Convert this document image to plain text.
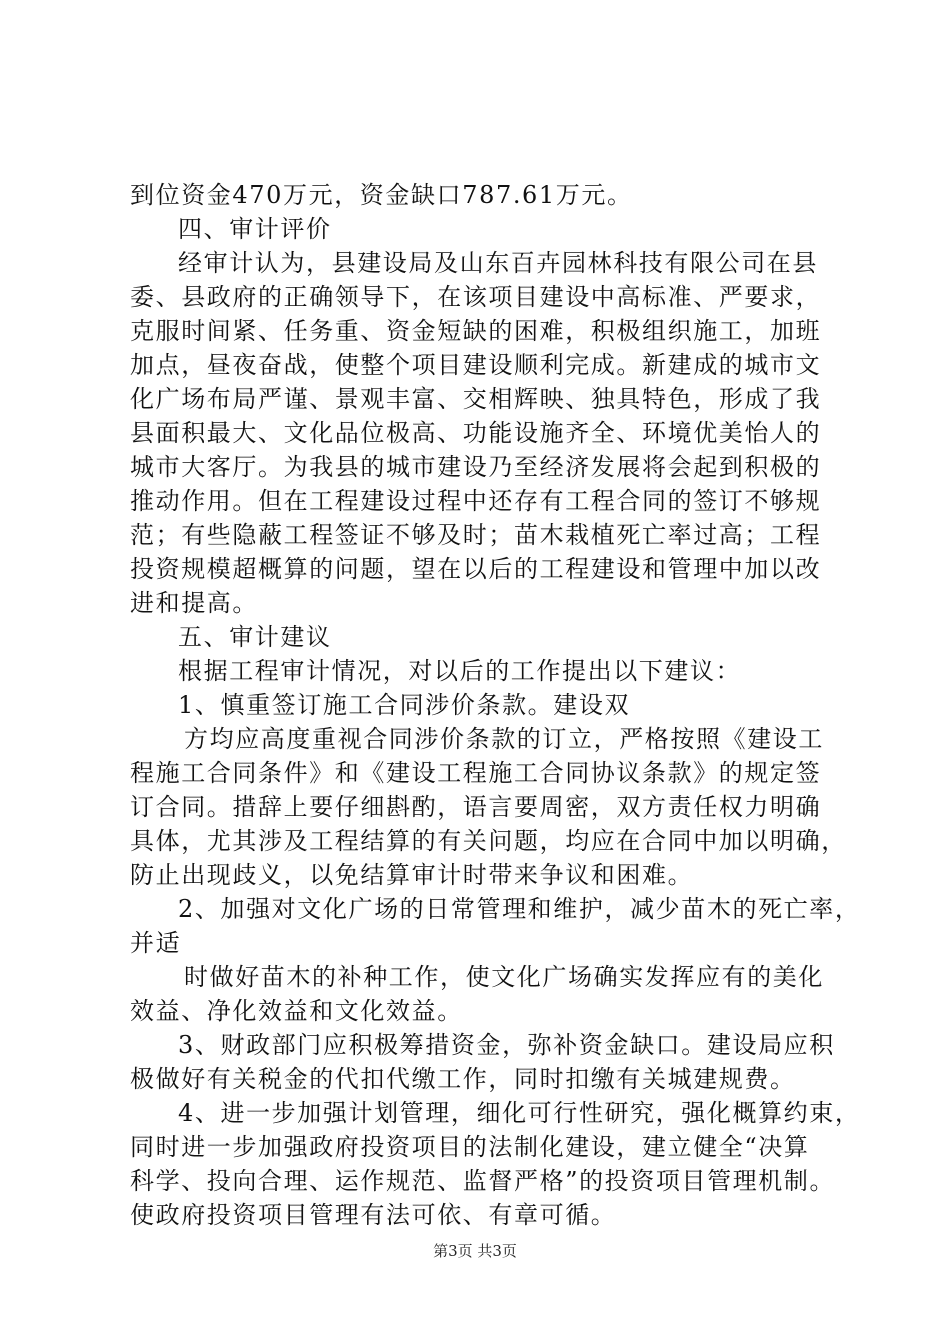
到位资金470万元，资金缺口787.61万元。
四、审计评价
经审计认为，县建设局及山东百卉园林科技有限公司在县
委、县政府的正确领导下，在该项目建设中高标准、严要求，
克服时间紧、任务重、资金短缺的困难，积极组织施工，加班
加点，昼夜奋战，使整个项目建设顺利完成。新建成的城市文
化广场布局严谨、景观丰富、交相辉映、独具特色，形成了我
县面积最大、文化品位极高、功能设施齐全、环境优美怡人的
城市大客厅。为我县的城市建设乃至经济发展将会起到积极的
推动作用。但在工程建设过程中还存有工程合同的签订不够规
范；有些隐蔽工程签证不够及时；苗木栽植死亡率过高；工程
投资规模超概算的问题，望在以后的工程建设和管理中加以改
进和提高。
五、审计建议
根据工程审计情况，对以后的工作提出以下建议：
1、慎重签订施工合同涉价条款。建设双
方均应高度重视合同涉价条款的订立，严格按照《建设工
程施工合同条件》和《建设工程施工合同协议条款》的规定签
订合同。措辞上要仔细斟酌，语言要周密，双方责任权力明确
具体，尤其涉及工程结算的有关问题，均应在合同中加以明确，
防止出现歧义，以免结算审计时带来争议和困难。
2、加强对文化广场的日常管理和维护，减少苗木的死亡率，
并适
时做好苗木的补种工作，使文化广场确实发挥应有的美化
效益、净化效益和文化效益。
3、财政部门应积极筹措资金，弥补资金缺口。建设局应积
极做好有关税金的代扣代缴工作，同时扣缴有关城建规费。
4、进一步加强计划管理，细化可行性研究，强化概算约束，
同时进一步加强政府投资项目的法制化建设，建立健全“决算
科学、投向合理、运作规范、监督严格”的投资项目管理机制。
使政府投资项目管理有法可依、有章可循。
第3页 共3页
